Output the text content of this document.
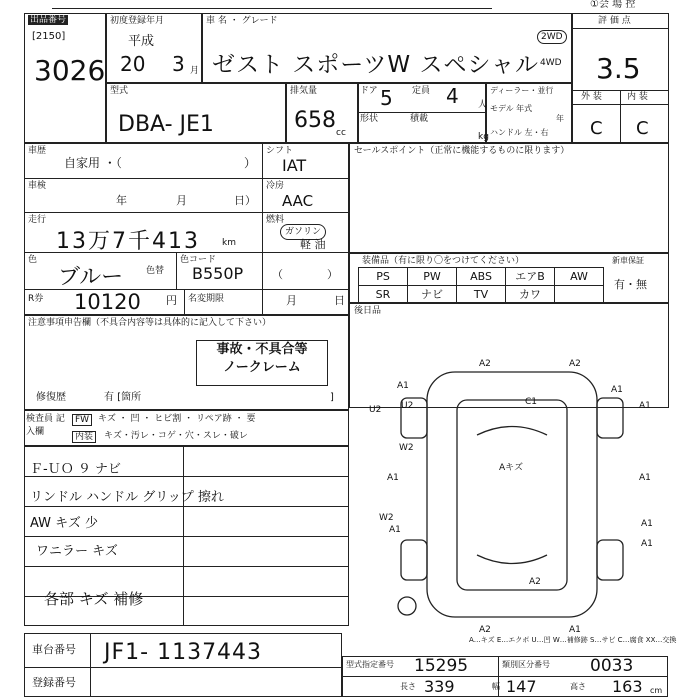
①会 場 控
出品番号
[2150]
3026
初度登録年月
平成
20 3 月
車 名 ・ グレード
ゼスト スポーツW スペシャル
2WD
4WD
評 価 点
3.5
外 装	内 装
C C
型式
DBA- JE1
排気量
658 cc
ドア 5 定員 4 人
形状	積載
kg
ディーラー・並行
モデル 年式
年
ハンドル 左・右
車歴
自家用 ・（	）
シフト
IAT
車検
年	月	日）
冷房
AAC
走行
13万7千413 km
燃料
ガソリン
軽 油
色
ブルー	色替
色コード
B550P	（　　　　）
R券 10120 円 名変期限	月	日
セールスポイント（正常に機能するものに限ります）
装備品（有に限り〇をつけてください）	新車保証
有・無
PS	PW	ABS	エアB	AW
SR	ナビ	TV	カワ
後日品
注意事項申告欄（不具合内容等は具体的に記入して下さい）
事故・不具合等
ノークレーム
修復歴	有 [箇所	]
検査員 記入欄
FW キズ ・ 凹 ・ ヒビ割 ・ リペア跡 ・ 要
内装	キズ・汚レ・コゲ・穴・スレ・破レ
Ｆ-ＵＯ ９ ナビ
リンドル ハンドル グリップ 擦れ
AW キズ 少
ワニラー キズ
各部 キズ 補修
A2	A2
A1
U2	C1	A1
A1	A1
Aキズ
A1
A1
A1
A2	A1
A2
A1
U2
W2
W2
A…キズ E…エクボ U…凹 W…補修跡 S…サビ C…腐食 XX…交換
車台番号 JF1- 1137443
登録番号
型式指定番号 15295	類別区分番号 0033
長さ 339	幅 147	高さ 163 cm
